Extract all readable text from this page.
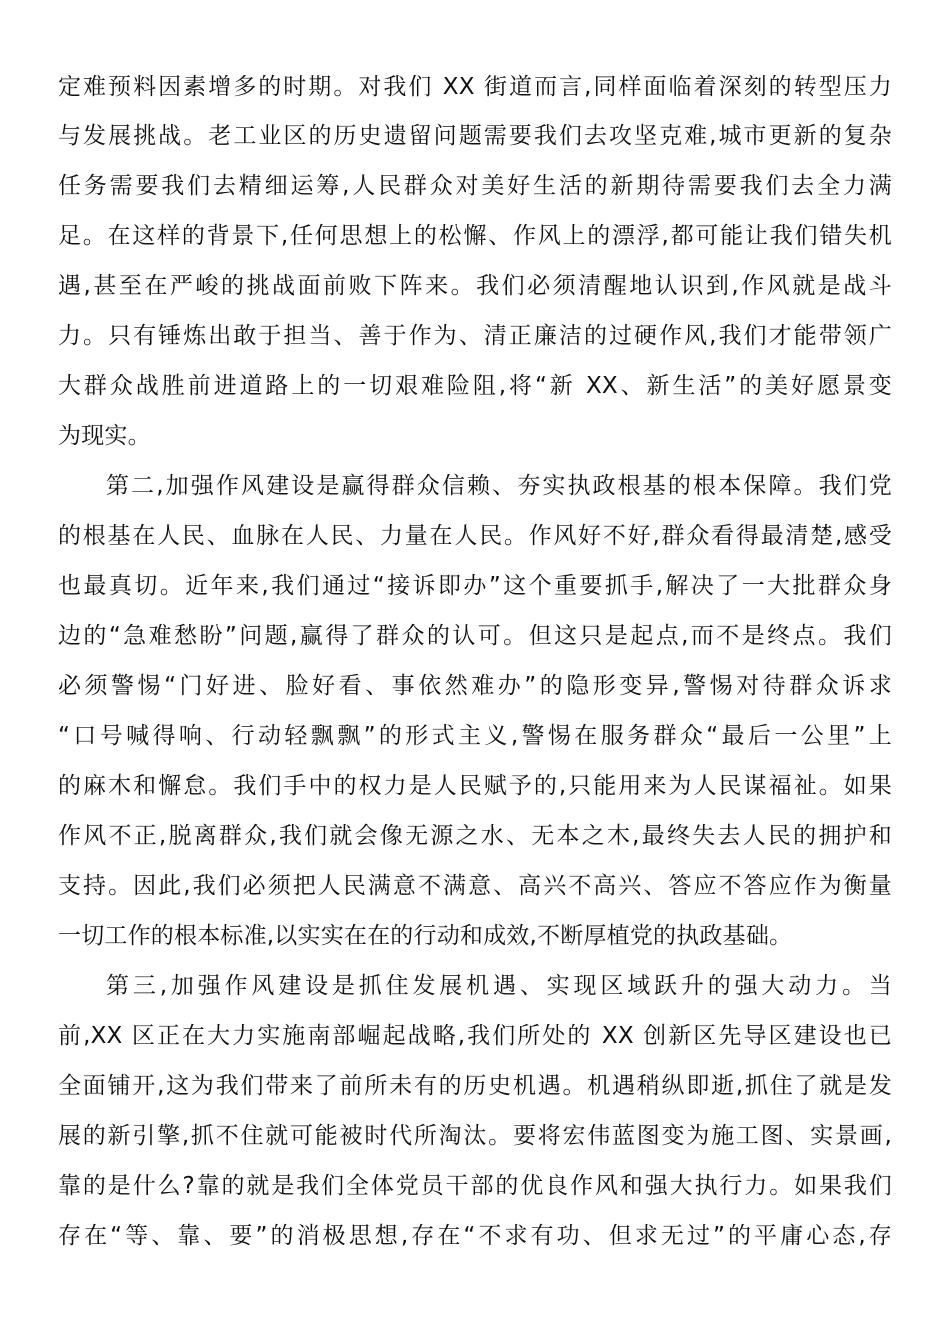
定难预料因素增多的时期。对我们 XX 街道而言,同样面临着深刻的转型压力
与发展挑战。老工业区的历史遗留问题需要我们去攻坚克难,城市更新的复杂
任务需要我们去精细运筹,人民群众对美好生活的新期待需要我们去全力满
足。在这样的背景下,任何思想上的松懈、作风上的漂浮,都可能让我们错失机
遇,甚至在严峻的挑战面前败下阵来。我们必须清醒地认识到,作风就是战斗
力。只有锤炼出敢于担当、善于作为、清正廉洁的过硬作风,我们才能带领广
大群众战胜前进道路上的一切艰难险阻,将“新 XX、新生活”的美好愿景变
为现实。
第二,加强作风建设是赢得群众信赖、夯实执政根基的根本保障。我们党
的根基在人民、血脉在人民、力量在人民。作风好不好,群众看得最清楚,感受
也最真切。近年来,我们通过“接诉即办”这个重要抓手,解决了一大批群众身
边的“急难愁盼”问题,赢得了群众的认可。但这只是起点,而不是终点。我们
必须警惕“门好进、脸好看、事依然难办”的隐形变异,警惕对待群众诉求
“口号喊得响、行动轻飘飘”的形式主义,警惕在服务群众“最后一公里”上
的麻木和懈怠。我们手中的权力是人民赋予的,只能用来为人民谋福祉。如果
作风不正,脱离群众,我们就会像无源之水、无本之木,最终失去人民的拥护和
支持。因此,我们必须把人民满意不满意、高兴不高兴、答应不答应作为衡量
一切工作的根本标准,以实实在在的行动和成效,不断厚植党的执政基础。
第三,加强作风建设是抓住发展机遇、实现区域跃升的强大动力。当
前,XX 区正在大力实施南部崛起战略,我们所处的 XX 创新区先导区建设也已
全面铺开,这为我们带来了前所未有的历史机遇。机遇稍纵即逝,抓住了就是发
展的新引擎,抓不住就可能被时代所淘汰。要将宏伟蓝图变为施工图、实景画,
靠的是什么?靠的就是我们全体党员干部的优良作风和强大执行力。如果我们
存在“等、靠、要”的消极思想,存在“不求有功、但求无过”的平庸心态,存
